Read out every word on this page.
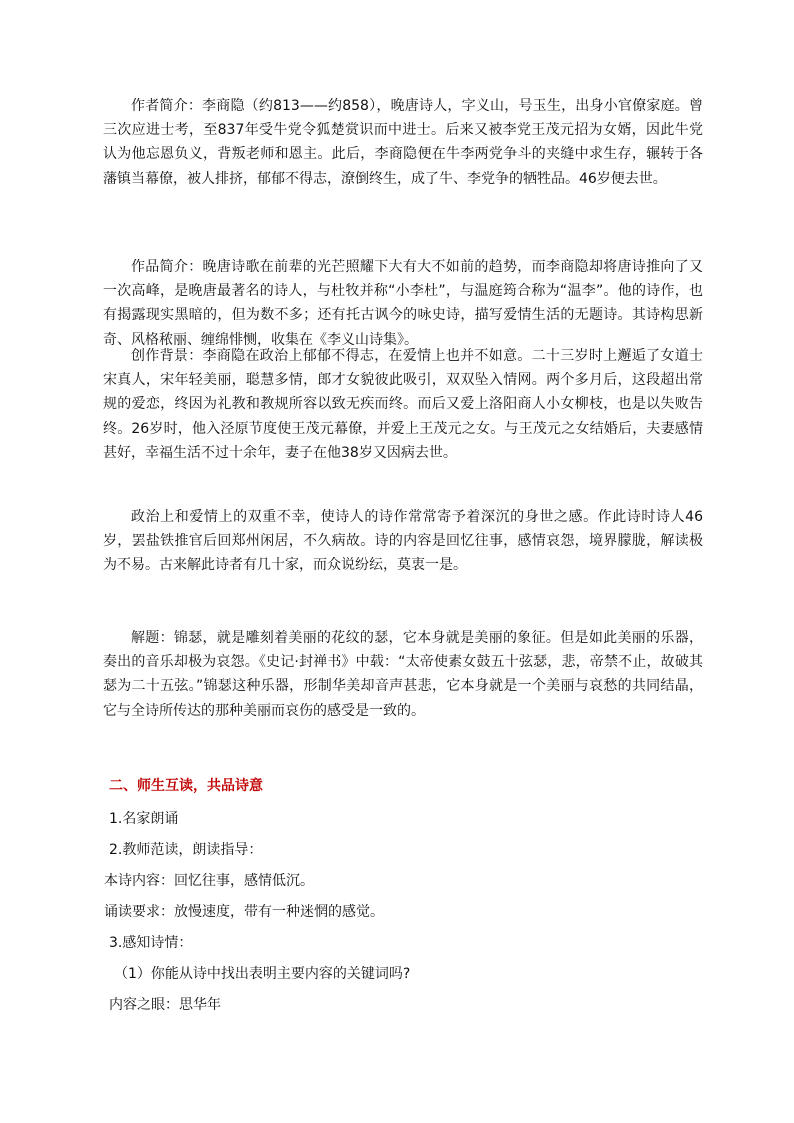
作者简介：李商隐（约813——约858），晚唐诗人，字义山，号玉生，出身小官僚家庭。曾三次应进士考，至837年受牛党令狐楚赏识而中进士。后来又被李党王茂元招为女婿，因此牛党认为他忘恩负义，背叛老师和恩主。此后，李商隐便在牛李两党争斗的夹缝中求生存，辗转于各藩镇当幕僚，被人排挤，郁郁不得志，潦倒终生，成了牛、李党争的牺牲品。46岁便去世。

作品简介：晚唐诗歌在前辈的光芒照耀下大有大不如前的趋势，而李商隐却将唐诗推向了又一次高峰，是晚唐最著名的诗人，与杜牧并称“小李杜”，与温庭筠合称为“温李”。他的诗作，也有揭露现实黑暗的，但为数不多；还有托古讽今的咏史诗，描写爱情生活的无题诗。其诗构思新奇、风格秾丽、缠绵悱恻，收集在《李义山诗集》。

创作背景：李商隐在政治上郁郁不得志，在爱情上也并不如意。二十三岁时上邂逅了女道士宋真人，宋年轻美丽，聪慧多情，郎才女貌彼此吸引，双双坠入情网。两个多月后，这段超出常规的爱恋，终因为礼教和教规所容以致无疾而终。而后又爱上洛阳商人小女柳枝，也是以失败告终。26岁时，他入泾原节度使王茂元幕僚，并爱上王茂元之女。与王茂元之女结婚后，夫妻感情甚好，幸福生活不过十余年，妻子在他38岁又因病去世。

政治上和爱情上的双重不幸，使诗人的诗作常常寄予着深沉的身世之感。作此诗时诗人46岁，罢盐铁推官后回郑州闲居，不久病故。诗的内容是回忆往事，感情哀怨，境界朦胧，解读极为不易。古来解此诗者有几十家，而众说纷纭，莫衷一是。

解题：锦瑟，就是雕刻着美丽的花纹的瑟，它本身就是美丽的象征。但是如此美丽的乐器，奏出的音乐却极为哀怨。《史记·封禅书》中载：“太帝使素女鼓五十弦瑟，悲，帝禁不止，故破其瑟为二十五弦。”锦瑟这种乐器，形制华美却音声甚悲，它本身就是一个美丽与哀愁的共同结晶，它与全诗所传达的那种美丽而哀伤的感受是一致的。

二、师生互读，共品诗意

1.名家朗诵

2.教师范读，朗读指导：

本诗内容：回忆往事，感情低沉。

诵读要求：放慢速度，带有一种迷惘的感觉。

3.感知诗情：

（1）你能从诗中找出表明主要内容的关键词吗?

内容之眼：思华年
